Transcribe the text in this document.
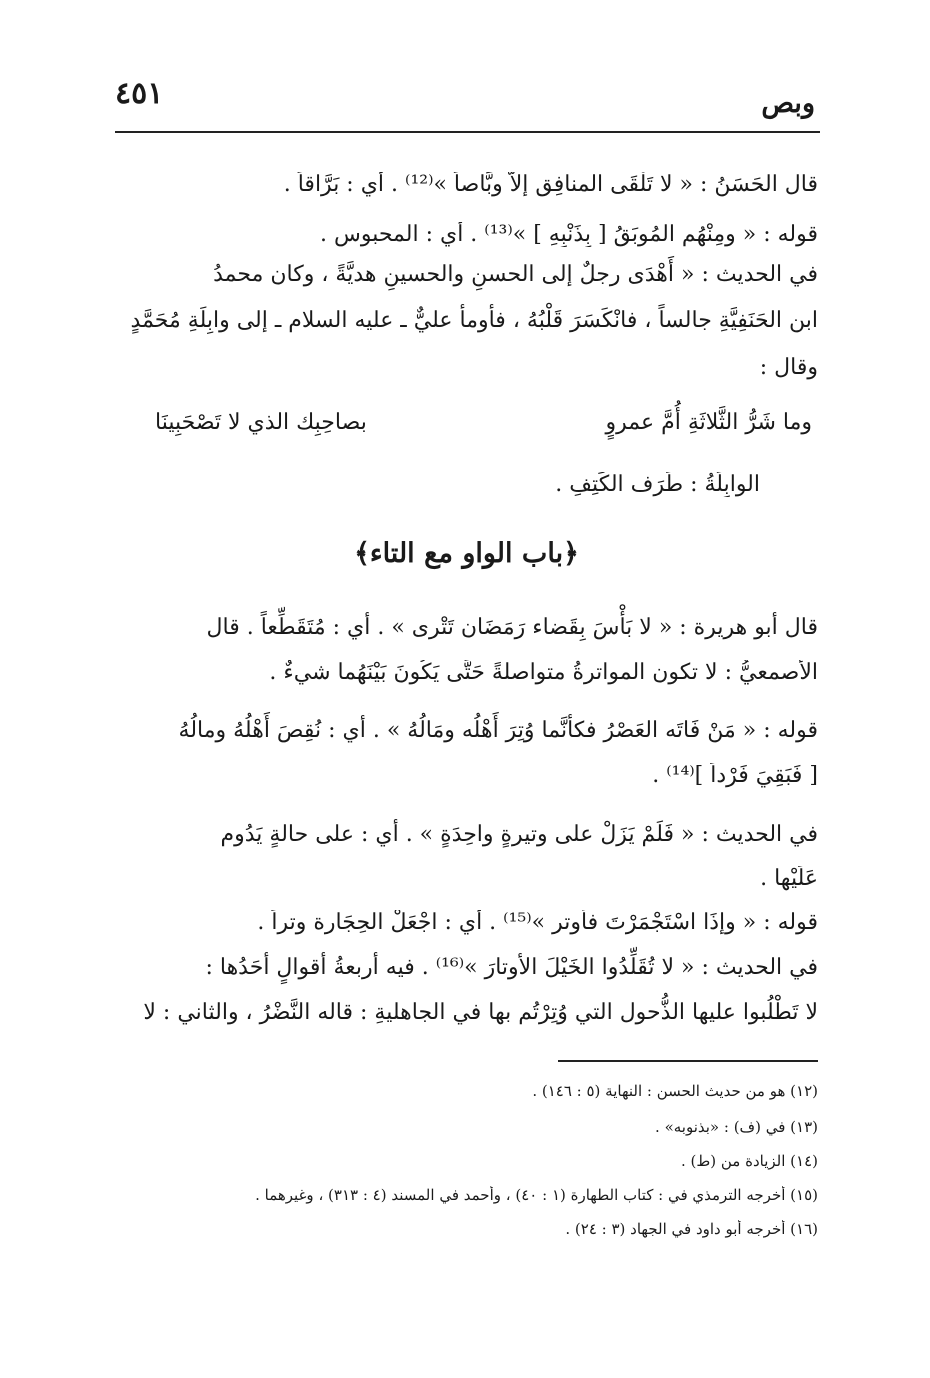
٤٥١	وبص
قال الحَسَنُ : « لا تَلْقَى المنافِق إلاّ وبَّاصاً »⁽¹²⁾ . أي : بَرَّاقاً .
قوله : « ومِنْهُم المُوبَقُ [ بِذَنْبِهِ ] »⁽¹³⁾ . أي : المحبوس .
في الحديث : « أَهْدَى رجلٌ إلى الحسنِ والحسينِ هديَّةً ، وكان محمدُ
ابن الحَنَفِيَّةِ جالساً ، فانْكَسَرَ قَلْبُهُ ، فأومأ عليٌّ ـ عليه السلام ـ إلى وابِلَةِ مُحَمَّدٍ
وقال :
وما شَرُّ الثَّلاثَةِ أُمَّ عمروٍ
بصاحِبِك الذي لا تَصْحَبِينَا
الوابِلَةُ : طَرَف الكَتِفِ .
﴿باب الواو مع التاء﴾
قال أبو هريرة : « لا بَأْسَ بِقَضاء رَمَضَان تَتْرى » . أي : مُتَقَطِّعاً . قال
الأصمعيُّ : لا تكون المواترةُ متواصلةً حَتَّى يَكُونَ بَيْنَهُما شيءٌ .
قوله : « مَنْ فَاتَه العَصْرُ فكأنَّما وُتِرَ أَهْلُه ومَالُهُ » . أي : نُقِصَ أَهْلُهُ ومالُهُ
[ فَبَقِيَ فَرْداً ]⁽¹⁴⁾ .
في الحديث : « فَلَمْ يَزَلْ على وتيرةٍ واحِدَةٍ » . أي : على حالةٍ يَدُوم
عَلَيْها .
قوله : « وإذَا اسْتَجْمَرْتَ فأوتر »⁽¹⁵⁾ . أي : اجْعَلْ الحِجَارة وتراً .
في الحديث : « لا تُقَلِّدُوا الخَيْلَ الأوتارَ »⁽¹⁶⁾ . فيه أربعةُ أقوالٍ أحَدُها :
لا تَطْلُبوا عليها الذُّحول التي وُتِرْتُم بها في الجاهليةِ : قاله النَّضْرُ ، والثاني : لا
(١٢) هو من حديث الحسن : النهاية (٥ : ١٤٦) .
(١٣) في (ف) : «بذنوبه» .
(١٤) الزيادة من (ط) .
(١٥) أخرجه الترمذي في : كتاب الطهارة (١ : ٤٠) ، وأحمد في المسند (٤ : ٣١٣) ، وغيرهما .
(١٦) أخرجه أبو داود في الجهاد (٣ : ٢٤) .
